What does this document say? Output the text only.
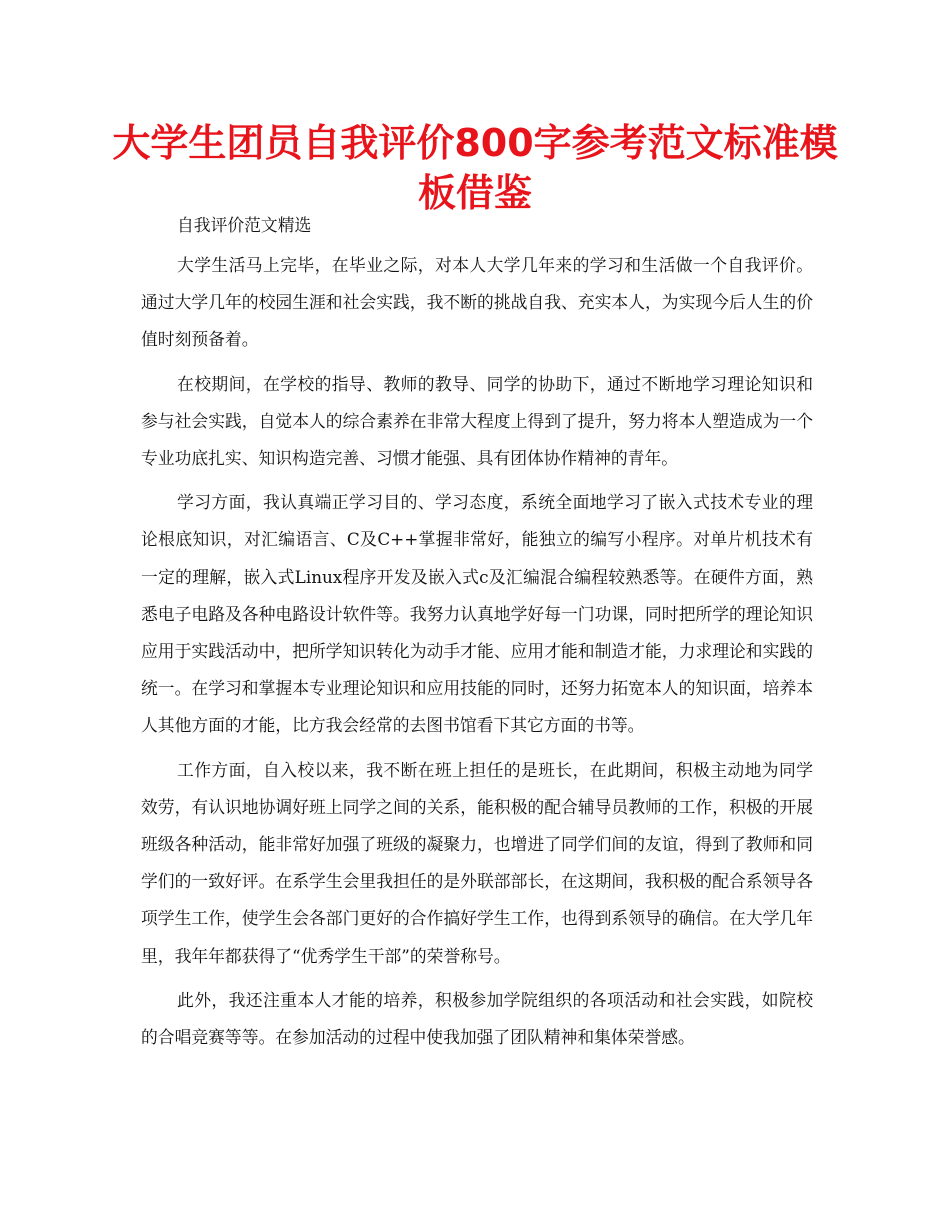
大学生团员自我评价800字参考范文标准模板借鉴

自我评价范文精选

大学生活马上完毕，在毕业之际，对本人大学几年来的学习和生活做一个自我评价。通过大学几年的校园生涯和社会实践，我不断的挑战自我、充实本人，为实现今后人生的价值时刻预备着。

在校期间，在学校的指导、教师的教导、同学的协助下，通过不断地学习理论知识和参与社会实践，自觉本人的综合素养在非常大程度上得到了提升，努力将本人塑造成为一个专业功底扎实、知识构造完善、习惯才能强、具有团体协作精神的青年。

学习方面，我认真端正学习目的、学习态度，系统全面地学习了嵌入式技术专业的理论根底知识，对汇编语言、C及C++掌握非常好，能独立的编写小程序。对单片机技术有一定的理解，嵌入式Linux程序开发及嵌入式c及汇编混合编程较熟悉等。在硬件方面，熟悉电子电路及各种电路设计软件等。我努力认真地学好每一门功课，同时把所学的理论知识应用于实践活动中，把所学知识转化为动手才能、应用才能和制造才能，力求理论和实践的统一。在学习和掌握本专业理论知识和应用技能的同时，还努力拓宽本人的知识面，培养本人其他方面的才能，比方我会经常的去图书馆看下其它方面的书等。

工作方面，自入校以来，我不断在班上担任的是班长，在此期间，积极主动地为同学效劳，有认识地协调好班上同学之间的关系，能积极的配合辅导员教师的工作，积极的开展班级各种活动，能非常好加强了班级的凝聚力，也增进了同学们间的友谊，得到了教师和同学们的一致好评。在系学生会里我担任的是外联部部长，在这期间，我积极的配合系领导各项学生工作，使学生会各部门更好的合作搞好学生工作，也得到系领导的确信。在大学几年里，我年年都获得了“优秀学生干部”的荣誉称号。

此外，我还注重本人才能的培养，积极参加学院组织的各项活动和社会实践，如院校的合唱竞赛等等。在参加活动的过程中使我加强了团队精神和集体荣誉感。
